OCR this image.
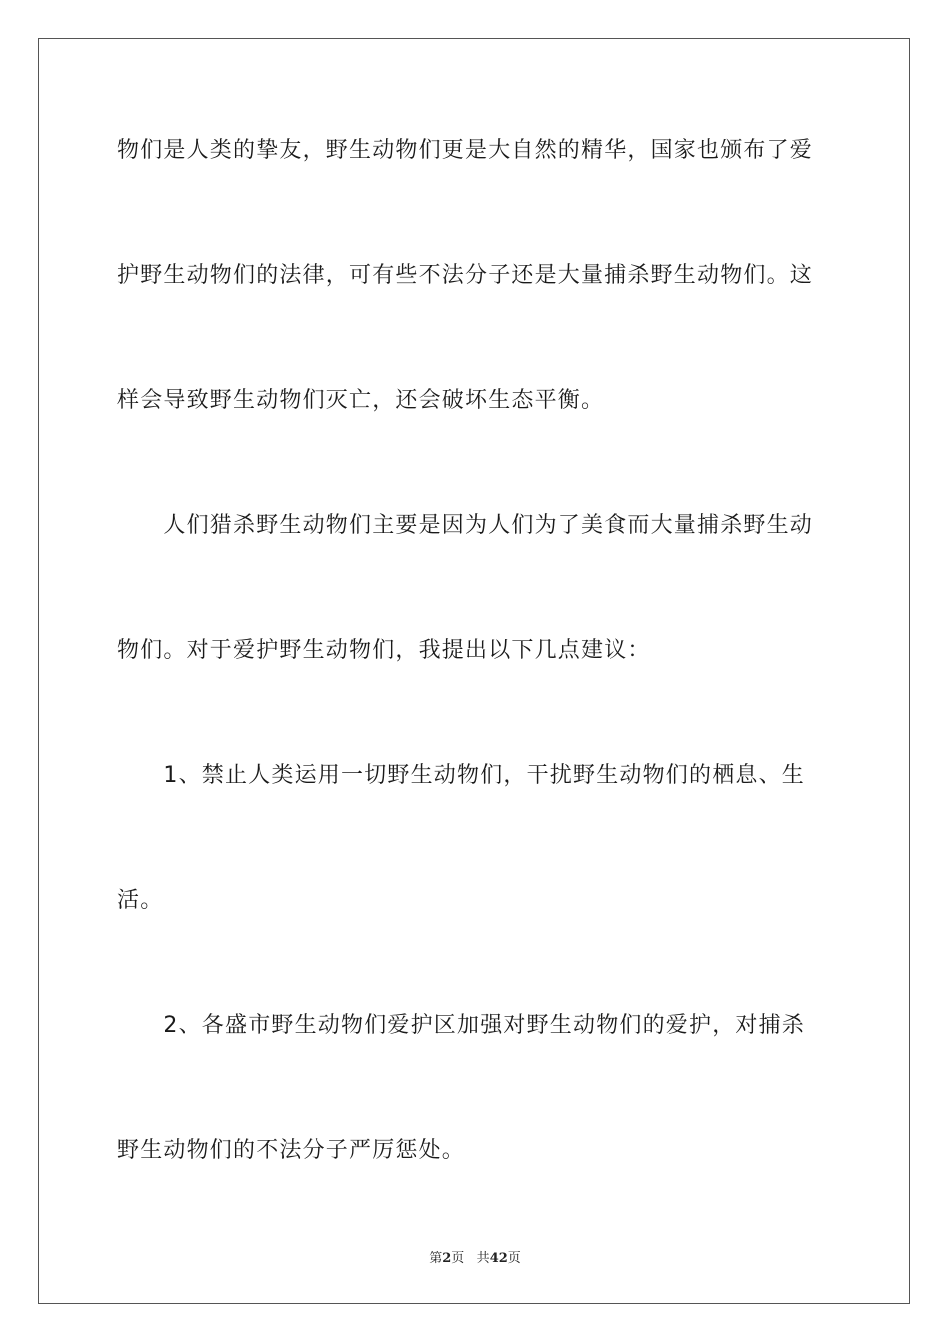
物们是人类的挚友，野生动物们更是大自然的精华，国家也颁布了爱
护野生动物们的法律，可有些不法分子还是大量捕杀野生动物们。这
样会导致野生动物们灭亡，还会破坏生态平衡。
　　人们猎杀野生动物们主要是因为人们为了美食而大量捕杀野生动
物们。对于爱护野生动物们，我提出以下几点建议：
　　1、禁止人类运用一切野生动物们，干扰野生动物们的栖息、生
活。
　　2、各盛市野生动物们爱护区加强对野生动物们的爱护，对捕杀
野生动物们的不法分子严厉惩处。
第2页 共42页
